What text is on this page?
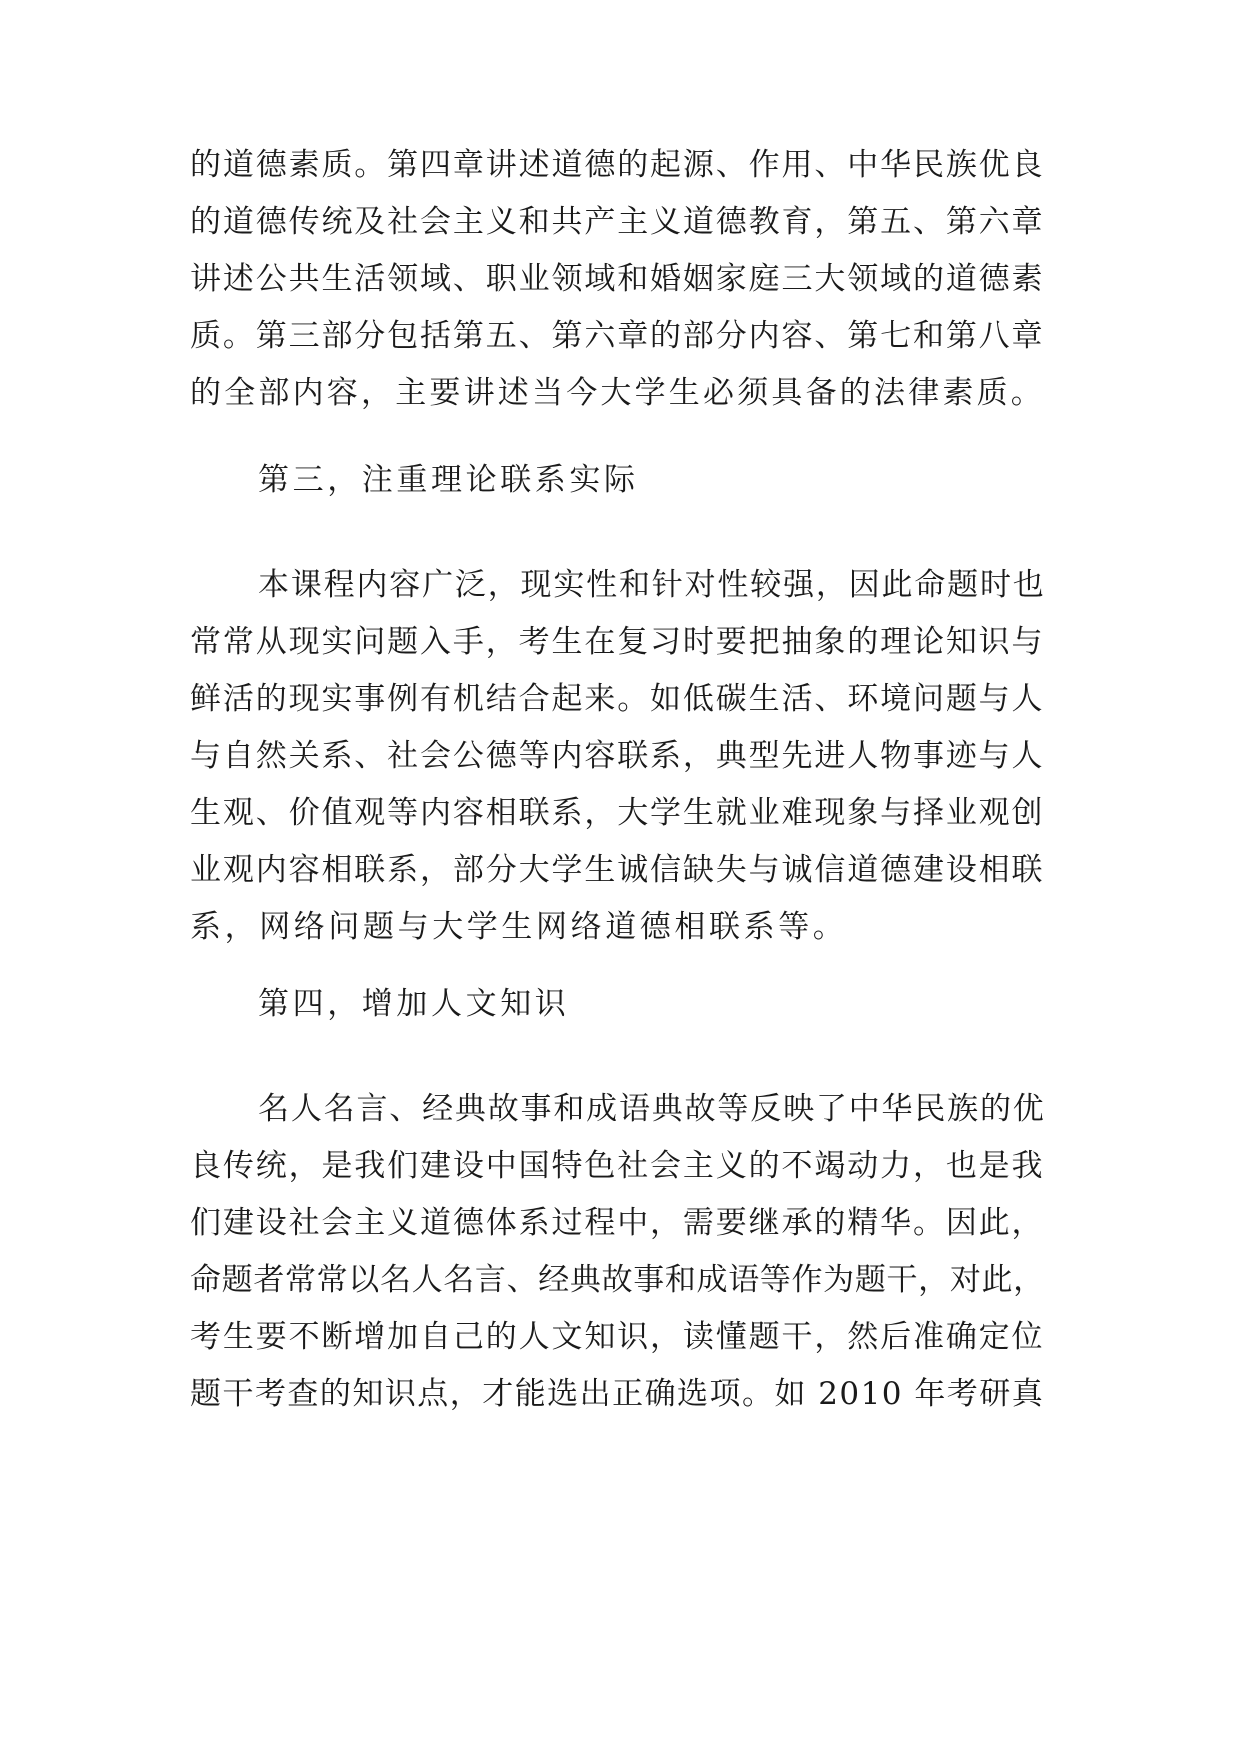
的道德素质。第四章讲述道德的起源、作用、中华民族优良
的道德传统及社会主义和共产主义道德教育，第五、第六章
讲述公共生活领域、职业领域和婚姻家庭三大领域的道德素
质。第三部分包括第五、第六章的部分内容、第七和第八章
的全部内容，主要讲述当今大学生必须具备的法律素质。
第三，注重理论联系实际
本课程内容广泛，现实性和针对性较强，因此命题时也
常常从现实问题入手，考生在复习时要把抽象的理论知识与
鲜活的现实事例有机结合起来。如低碳生活、环境问题与人
与自然关系、社会公德等内容联系，典型先进人物事迹与人
生观、价值观等内容相联系，大学生就业难现象与择业观创
业观内容相联系，部分大学生诚信缺失与诚信道德建设相联
系，网络问题与大学生网络道德相联系等。
第四，增加人文知识
名人名言、经典故事和成语典故等反映了中华民族的优
良传统，是我们建设中国特色社会主义的不竭动力，也是我
们建设社会主义道德体系过程中，需要继承的精华。因此，
命题者常常以名人名言、经典故事和成语等作为题干，对此，
考生要不断增加自己的人文知识，读懂题干，然后准确定位
题干考查的知识点，才能选出正确选项。如 2010 年考研真
